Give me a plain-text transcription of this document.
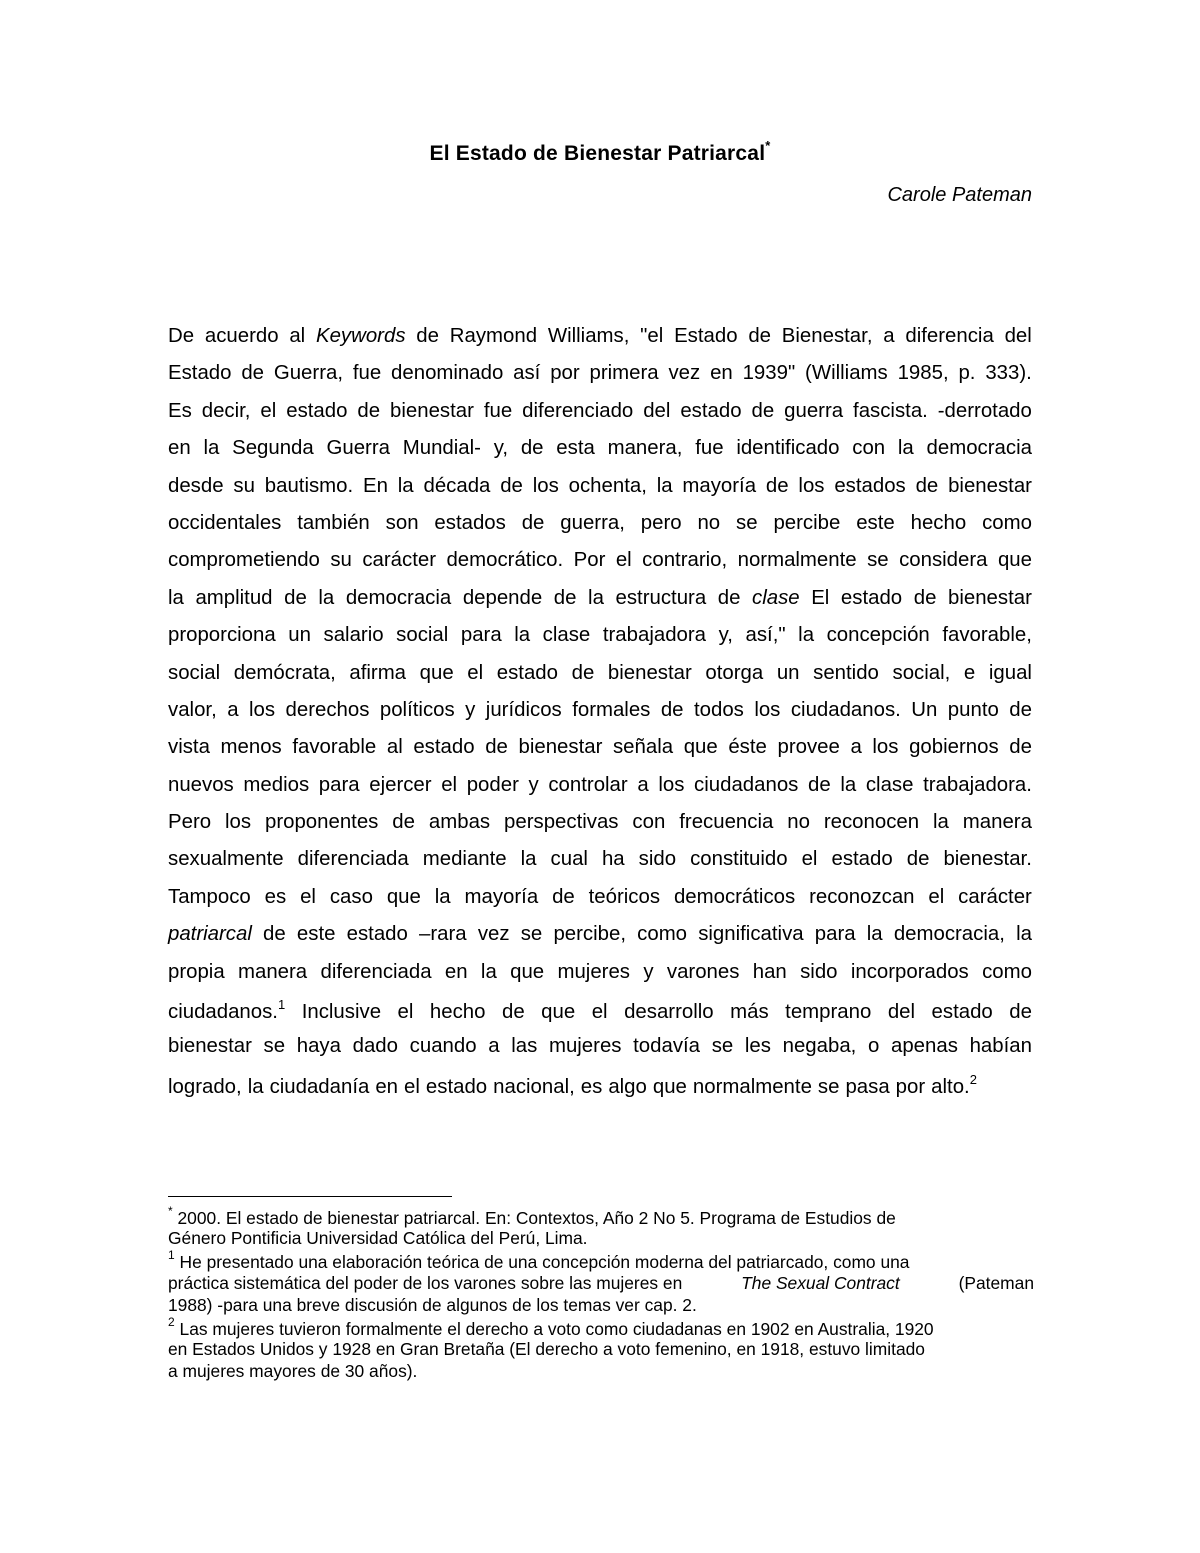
El Estado de Bienestar Patriarcal*
Carole Pateman
De acuerdo al Keywords de Raymond Williams, "el Estado de Bienestar, a diferencia del
Estado de Guerra, fue denominado así por primera vez en 1939" (Williams 1985, p. 333).
Es decir, el estado de bienestar fue diferenciado del estado de guerra fascista. -derrotado
en la Segunda Guerra Mundial- y, de esta manera, fue identificado con la democracia
desde su bautismo. En la década de los ochenta, la mayoría de los estados de bienestar
occidentales también son estados de guerra, pero no se percibe este hecho como
comprometiendo su carácter democrático. Por el contrario, normalmente se considera que
la amplitud de la democracia depende de la estructura de clase El estado de bienestar
proporciona un salario social para la clase trabajadora y, así," la concepción favorable,
social demócrata, afirma que el estado de bienestar otorga un sentido social, e igual
valor, a los derechos políticos y jurídicos formales de todos los ciudadanos. Un punto de
vista menos favorable al estado de bienestar señala que éste provee a los gobiernos de
nuevos medios para ejercer el poder y controlar a los ciudadanos de la clase trabajadora.
Pero los proponentes de ambas perspectivas con frecuencia no reconocen la manera
sexualmente diferenciada mediante la cual ha sido constituido el estado de bienestar.
Tampoco es el caso que la mayoría de teóricos democráticos reconozcan el carácter
patriarcal de este estado –rara vez se percibe, como significativa para la democracia, la
propia manera diferenciada en la que mujeres y varones han sido incorporados como
ciudadanos.$^1$ Inclusive el hecho de que el desarrollo más temprano del estado de
bienestar se haya dado cuando a las mujeres todavía se les negaba, o apenas habían
logrado, la ciudadanía en el estado nacional, es algo que normalmente se pasa por alto.$^2$
* 2000. El estado de bienestar patriarcal. En: Contextos, Año 2 No 5. Programa de Estudios de
Género Pontificia Universidad Católica del Perú, Lima.
$^1$ He presentado una elaboración teórica de una concepción moderna del patriarcado, como una
práctica sistemática del poder de los varones sobre las mujeres en	The Sexual Contract	(Pateman
1988) -para una breve discusión de algunos de los temas ver cap. 2.
$^2$ Las mujeres tuvieron formalmente el derecho a voto como ciudadanas en 1902 en Australia, 1920
en Estados Unidos y 1928 en Gran Bretaña (El derecho a voto femenino, en 1918, estuvo limitado
a mujeres mayores de 30 años).
